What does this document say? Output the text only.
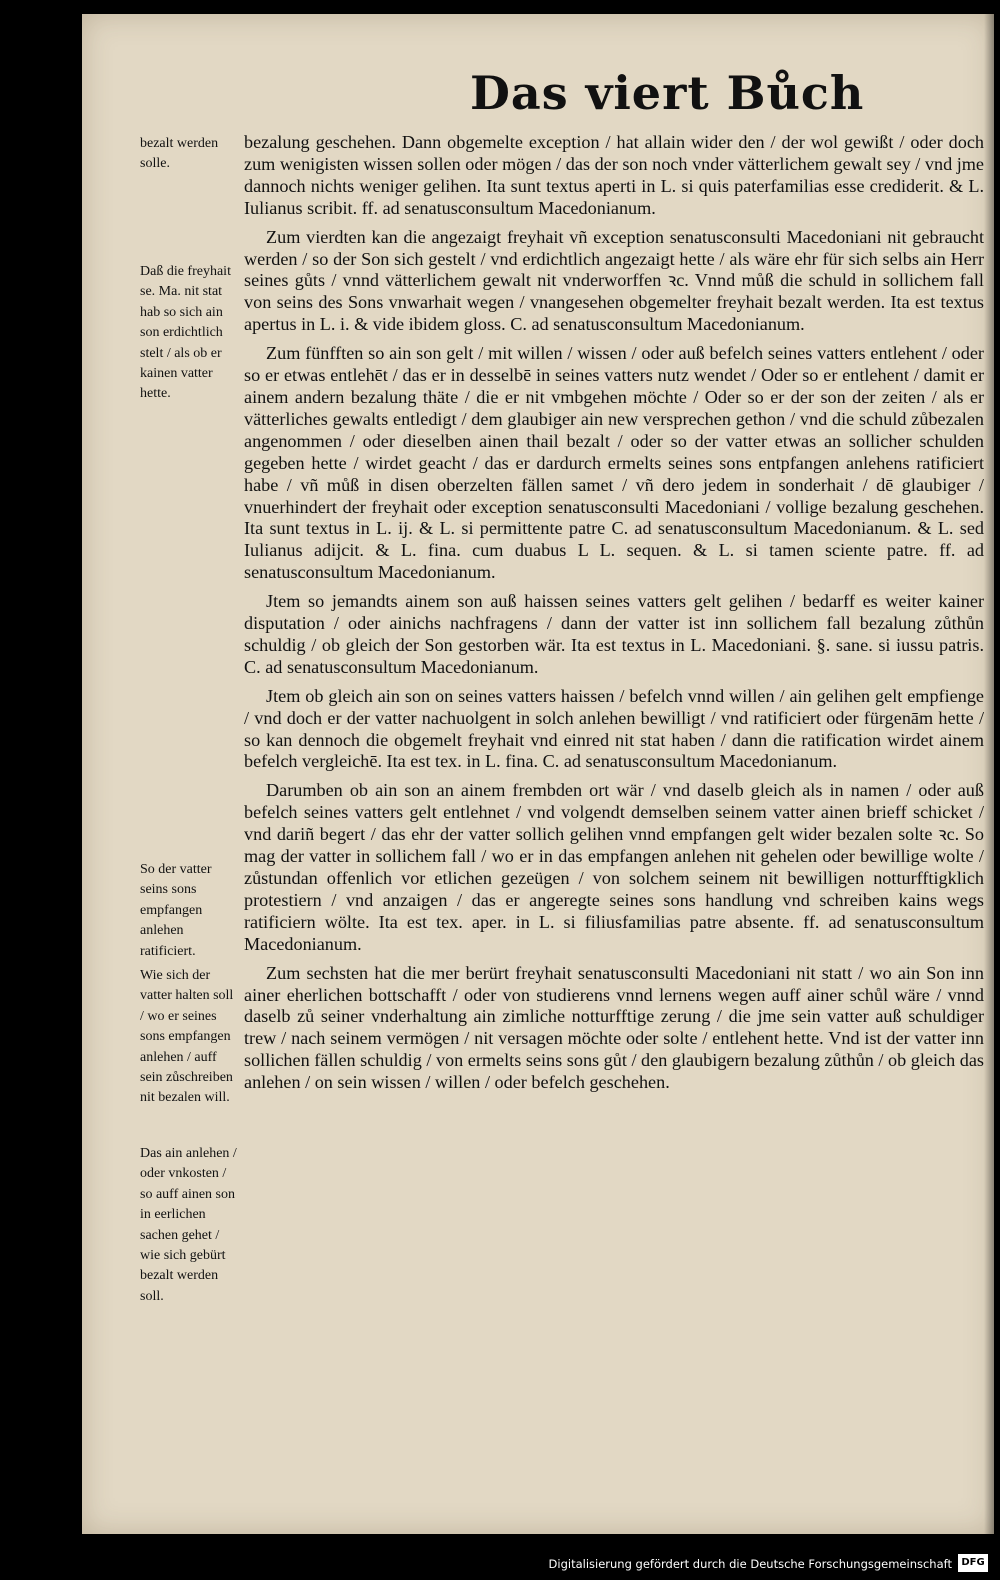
Das viert Bůch

bezalung geschehen. Dann obgemelte exception / hat allain wider den / der wol gewißt / oder doch zum wenigisten wissen sollen oder mögen / das der son noch vnder vätterlichem gewalt sey / vnd jme dannoch nichts weniger gelihen. Ita sunt textus aperti in L. si quis paterfamilias esse crediderit. & L. Iulianus scribit. ff. ad senatusconsultum Macedonianum.

Zum vierdten kan die angezaigt freyhait vñ exception senatusconsulti Macedoniani nit gebraucht werden / so der Son sich gestelt / vnd erdichtlich angezaigt hette / als wäre ehr für sich selbs ain Herr seines gůts / vnnd vätterlichem gewalt nit vnderworffen ꝛc. Vnnd můß die schuld in sollichem fall von seins des Sons vnwarhait wegen / vnangesehen obgemelter freyhait bezalt werden. Ita est textus apertus in L. i. & vide ibidem gloss. C. ad senatusconsultum Macedonianum.

Zum fünfften so ain son gelt / mit willen / wissen / oder auß befelch seines vatters entlehent / oder so er etwas entlehēt / das er in desselbē in seines vatters nutz wendet / Oder so er entlehent / damit er ainem andern bezalung thäte / die er nit vmbgehen möchte / Oder so er der son der zeiten / als er vätterliches gewalts entledigt / dem glaubiger ain new versprechen gethon / vnd die schuld zůbezalen angenommen / oder dieselben ainen thail bezalt / oder so der vatter etwas an sollicher schulden gegeben hette / wirdet geacht / das er dardurch ermelts seines sons entpfangen anlehens ratificiert habe / vñ můß in disen oberzelten fällen samet / vñ dero jedem in sonderhait / dē glaubiger / vnuerhindert der freyhait oder exception senatusconsulti Macedoniani / vollige bezalung geschehen. Ita sunt textus in L. ij. & L. si permittente patre C. ad senatusconsultum Macedonianum. & L. sed Iulianus adijcit. & L. fina. cum duabus L L. sequen. & L. si tamen sciente patre. ff. ad senatusconsultum Macedonianum.

Jtem so jemandts ainem son auß haissen seines vatters gelt gelihen / bedarff es weiter kainer disputation / oder ainichs nachfragens / dann der vatter ist inn sollichem fall bezalung zůthůn schuldig / ob gleich der Son gestorben wär. Ita est textus in L. Macedoniani. §. sane. si iussu patris. C. ad senatusconsultum Macedonianum.

Jtem ob gleich ain son on seines vatters haissen / befelch vnnd willen / ain gelihen gelt empfienge / vnd doch er der vatter nachuolgent in solch anlehen bewilligt / vnd ratificiert oder fürgenām hette / so kan dennoch die obgemelt freyhait vnd einred nit stat haben / dann die ratification wirdet ainem befelch vergleichē. Ita est tex. in L. fina. C. ad senatusconsultum Macedonianum.

Darumben ob ain son an ainem frembden ort wär / vnd daselb gleich als in namen / oder auß befelch seines vatters gelt entlehnet / vnd volgendt demselben seinem vatter ainen brieff schicket / vnd dariñ begert / das ehr der vatter sollich gelihen vnnd empfangen gelt wider bezalen solte ꝛc. So mag der vatter in sollichem fall / wo er in das empfangen anlehen nit gehelen oder bewillige wolte / zůstundan offenlich vor etlichen gezeügen / von solchem seinem nit bewilligen notturfftigklich protestiern / vnd anzaigen / das er angeregte seines sons handlung vnd schreiben kains wegs ratificiern wölte. Ita est tex. aper. in L. si filiusfamilias patre absente. ff. ad senatusconsultum Macedonianum.

Zum sechsten hat die mer berürt freyhait senatusconsulti Macedoniani nit statt / wo ain Son inn ainer eherlichen bottschafft / oder von studierens vnnd lernens wegen auff ainer schůl wäre / vnnd daselb zů seiner vnderhaltung ain zimliche notturfftige zerung / die jme sein vatter auß schuldiger trew / nach seinem vermögen / nit versagen möchte oder solte / entlehent hette. Vnd ist der vatter inn sollichen fällen schuldig / von ermelts seins sons gůt / den glaubigern bezalung zůthůn / ob gleich das anlehen / on sein wissen / willen / oder befelch geschehen.

bezalt werden solle.
Daß die freyhait se. Ma. nit stat hab so sich ain son erdichtlich stelt / als ob er kainen vatter hette.
So der vatter seins sons empfangen anlehen ratificiert.
Wie sich der vatter halten soll / wo er seines sons empfangen anlehen / auff sein zůschreiben nit bezalen will.
Das ain anlehen / oder vnkosten / so auff ainen son in eerlichen sachen gehet / wie sich gebürt bezalt werden soll.
Digitalisierung gefördert durch die Deutsche Forschungsgemeinschaft DFG
